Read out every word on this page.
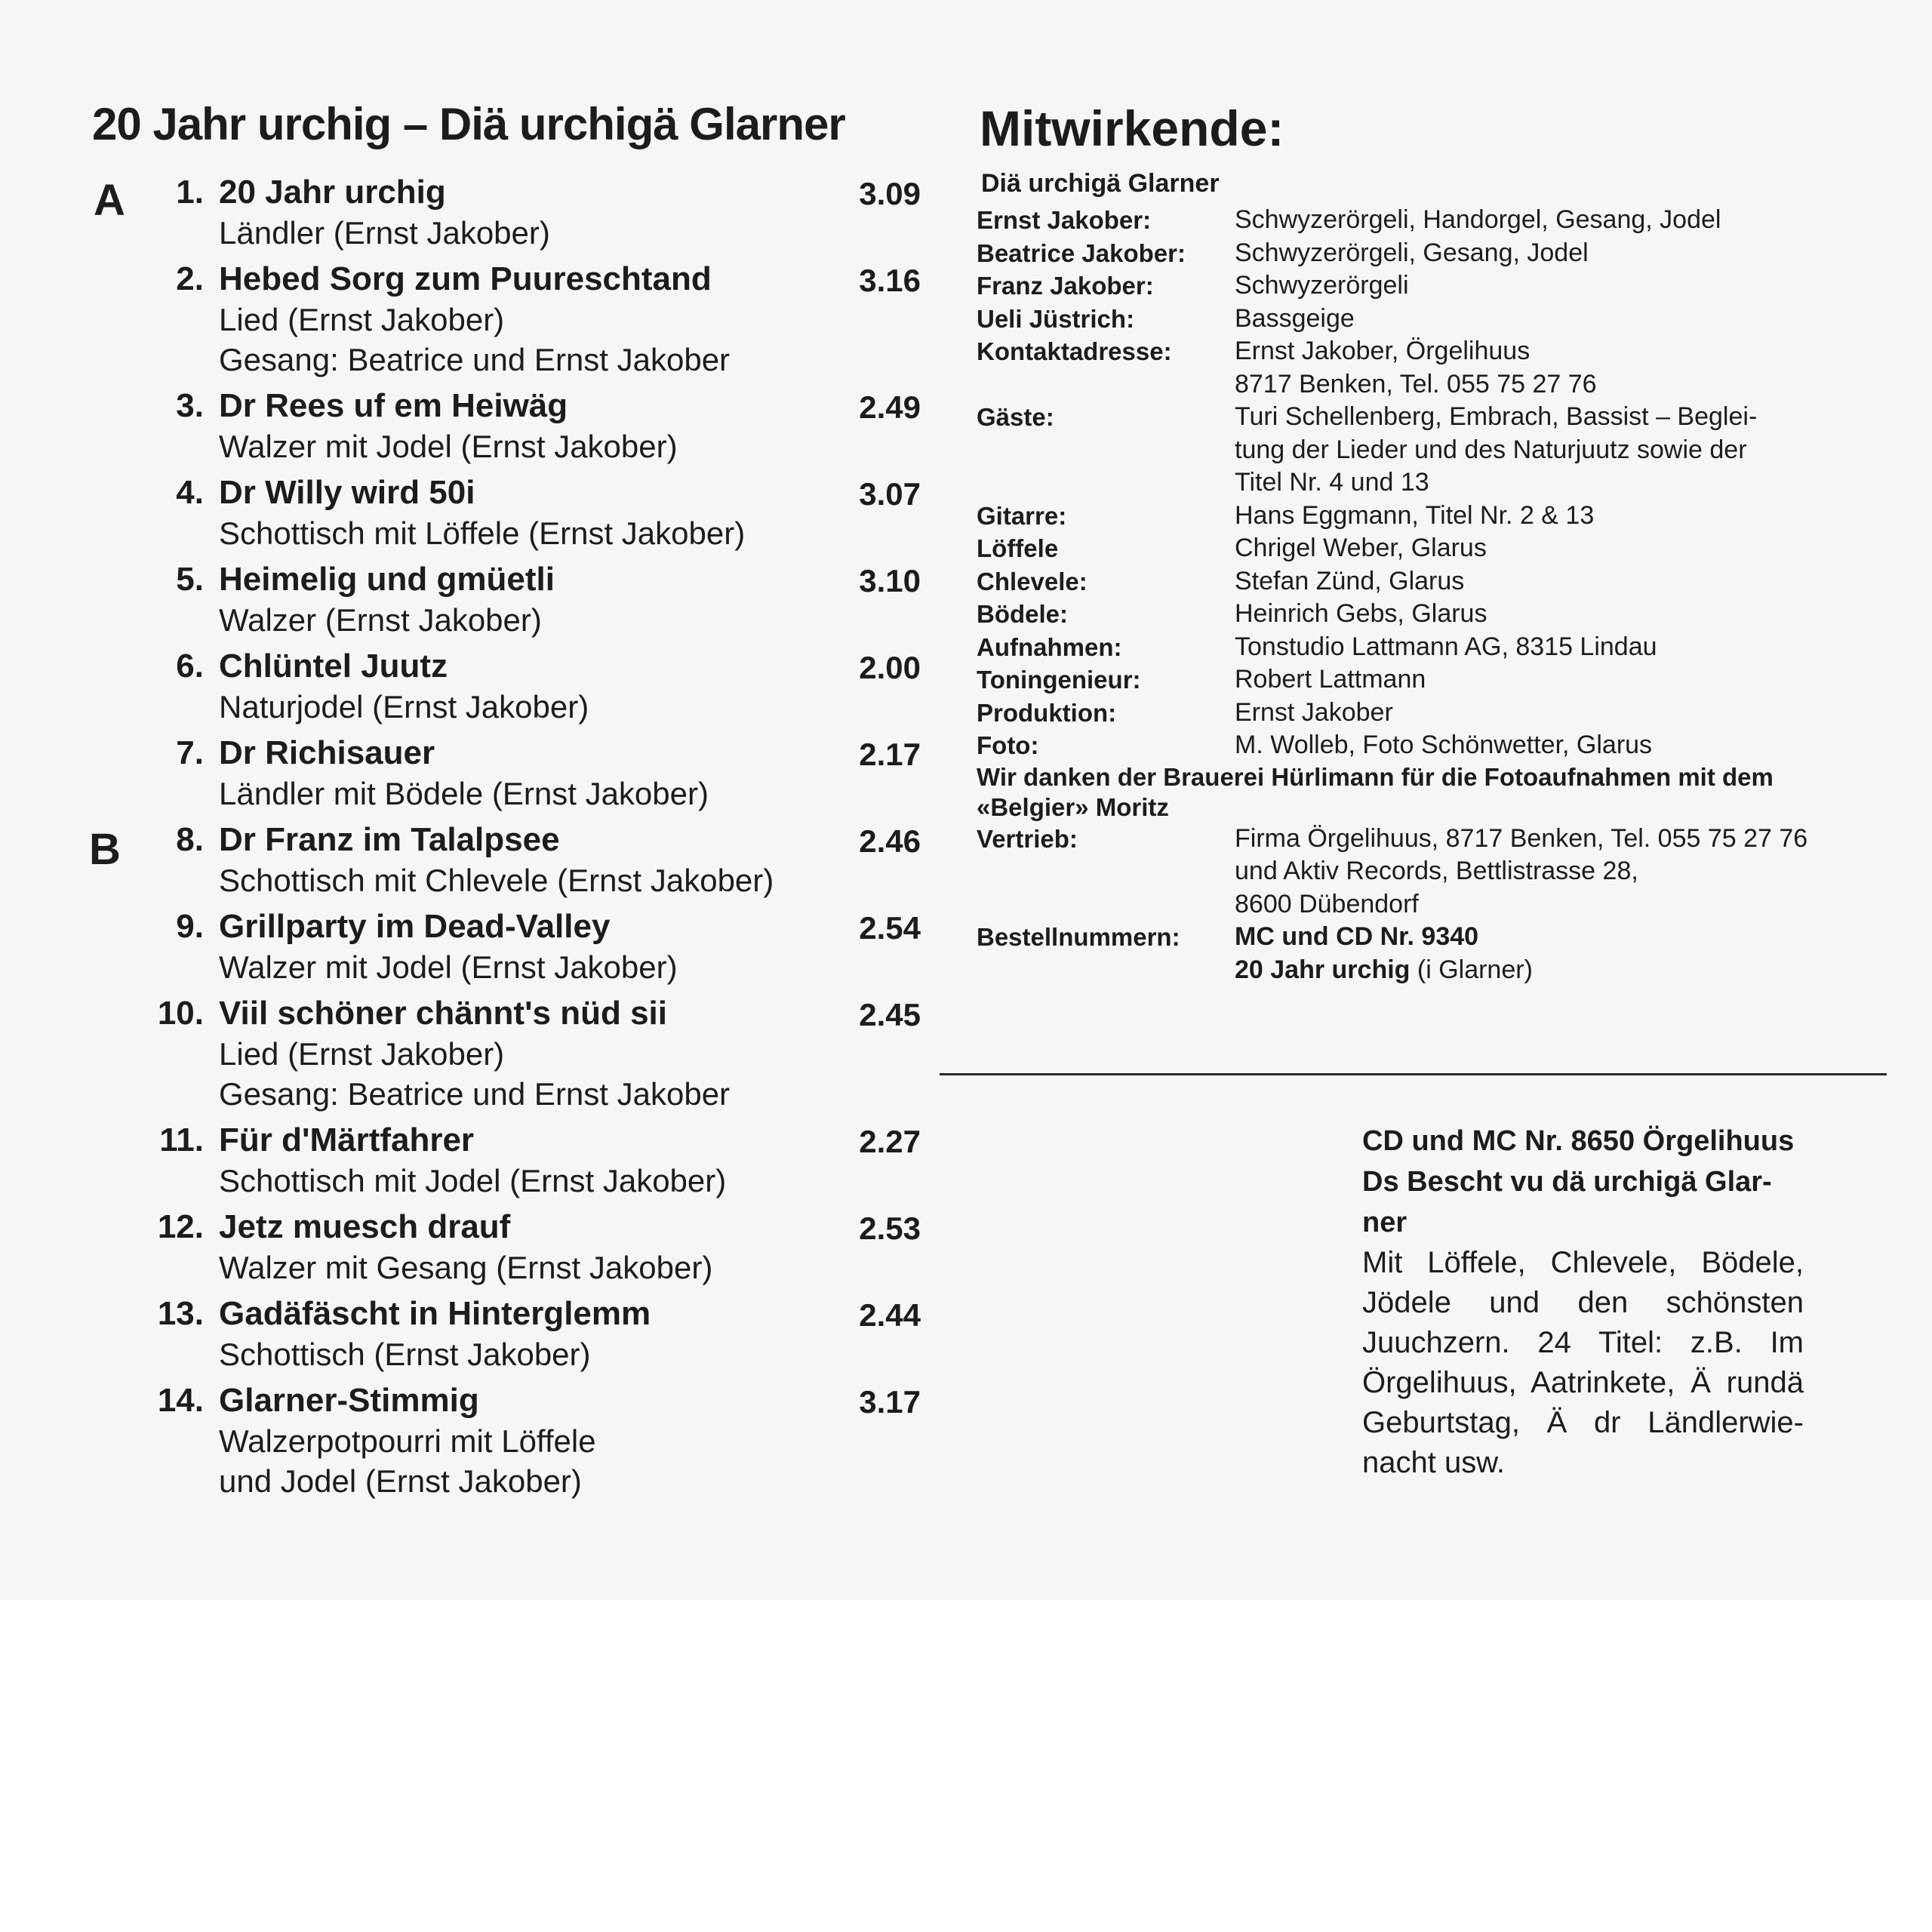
20 Jahr urchig – Diä urchigä Glarner
A
B
1.	3.09
20 Jahr urchig
Ländler (Ernst Jakober)
2.	3.16
Hebed Sorg zum Puureschtand
Lied (Ernst Jakober)
Gesang: Beatrice und Ernst Jakober
3.	2.49
Dr Rees uf em Heiwäg
Walzer mit Jodel (Ernst Jakober)
4.	3.07
Dr Willy wird 50i
Schottisch mit Löffele (Ernst Jakober)
5.	3.10
Heimelig und gmüetli
Walzer (Ernst Jakober)
6.	2.00
Chlüntel Juutz
Naturjodel (Ernst Jakober)
7.	2.17
Dr Richisauer
Ländler mit Bödele (Ernst Jakober)
8.	2.46
Dr Franz im Talalpsee
Schottisch mit Chlevele (Ernst Jakober)
9.	2.54
Grillparty im Dead-Valley
Walzer mit Jodel (Ernst Jakober)
10.	2.45
Viil schöner chännt's nüd sii
Lied (Ernst Jakober)
Gesang: Beatrice und Ernst Jakober
11.	2.27
Für d'Märtfahrer
Schottisch mit Jodel (Ernst Jakober)
12.	2.53
Jetz muesch drauf
Walzer mit Gesang (Ernst Jakober)
13.	2.44
Gadäfäscht in Hinterglemm
Schottisch (Ernst Jakober)
14.	3.17
Glarner-Stimmig
Walzerpotpourri mit Löffele
und Jodel (Ernst Jakober)
Mitwirkende:
Diä urchigä Glarner
Ernst Jakober:	Schwyzerörgeli, Handorgel, Gesang, Jodel
Beatrice Jakober:	Schwyzerörgeli, Gesang, Jodel
Franz Jakober:	Schwyzerörgeli
Ueli Jüstrich:	Bassgeige
Kontaktadresse:	Ernst Jakober, Örgelihuus
8717 Benken, Tel. 055 75 27 76
Gäste:	Turi Schellenberg, Embrach, Bassist – Beglei-
tung der Lieder und des Naturjuutz sowie der
Titel Nr. 4 und 13
Gitarre:	Hans Eggmann, Titel Nr. 2 & 13
Löffele	Chrigel Weber, Glarus
Chlevele:	Stefan Zünd, Glarus
Bödele:	Heinrich Gebs, Glarus
Aufnahmen:	Tonstudio Lattmann AG, 8315 Lindau
Toningenieur:	Robert Lattmann
Produktion:	Ernst Jakober
Foto:	M. Wolleb, Foto Schönwetter, Glarus
Wir danken der Brauerei Hürlimann für die Fotoaufnahmen mit dem
«Belgier» Moritz
Vertrieb:	Firma Örgelihuus, 8717 Benken, Tel. 055 75 27 76
und Aktiv Records, Bettlistrasse 28,
8600 Dübendorf
Bestellnummern:	MC und CD Nr. 9340
20 Jahr urchig (i Glarner)
CD und MC Nr. 8650 Örgelihuus
Ds Bescht vu dä urchigä Glar-
ner
Mit Löffele, Chlevele, Bödele,
Jödele und den schönsten
Juuchzern. 24 Titel: z.B. Im
Örgelihuus, Aatrinkete, Ä rundä
Geburtstag, Ä dr Ländlerwie-
nacht usw.
